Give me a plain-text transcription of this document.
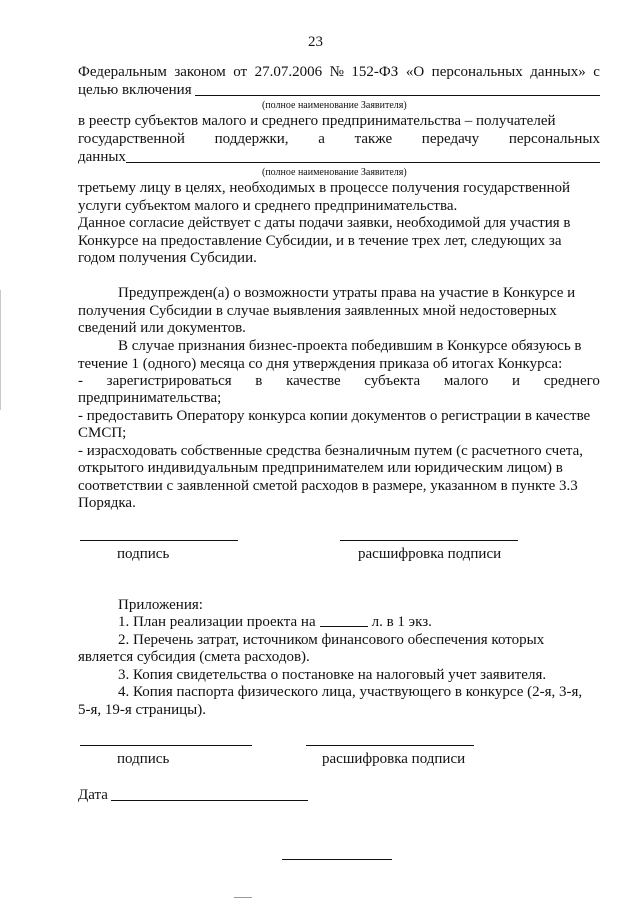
23
Федеральным законом от 27.07.2006 № 152-ФЗ «О персональных данных» с
целью включения
(полное наименование Заявителя)
в реестр субъектов малого и среднего предпринимательства – получателей
государственной поддержки, а также передачу персональных
данных
(полное наименование Заявителя)
третьему лицу в целях, необходимых в процессе получения государственной
услуги субъектом малого и среднего предпринимательства.
Данное согласие действует с даты подачи заявки, необходимой для участия в
Конкурсе на предоставление Субсидии, и в течение трех лет, следующих за
годом получения Субсидии.
Предупрежден(а) о возможности утраты права на участие в Конкурсе и
получения Субсидии в случае выявления заявленных мной недостоверных
сведений или документов.
В случае признания бизнес-проекта победившим в Конкурсе обязуюсь в
течение 1 (одного) месяца со дня утверждения приказа об итогах Конкурса:
- зарегистрироваться в качестве субъекта малого и среднего
предпринимательства;
- предоставить Оператору конкурса копии документов о регистрации в качестве
СМСП;
- израсходовать собственные средства безналичным путем (с расчетного счета,
открытого индивидуальным предпринимателем или юридическим лицом) в
соответствии с заявленной сметой расходов в размере, указанном в пункте 3.3
Порядка.
подпись	расшифровка подписи
Приложения:
1. План реализации проекта на	л. в 1 экз.
2. Перечень затрат, источником финансового обеспечения которых
является субсидия (смета расходов).
3. Копия свидетельства о постановке на налоговый учет заявителя.
4. Копия паспорта физического лица, участвующего в конкурсе (2-я, 3-я,
5-я, 19-я страницы).
подпись	расшифровка подписи
Дата
